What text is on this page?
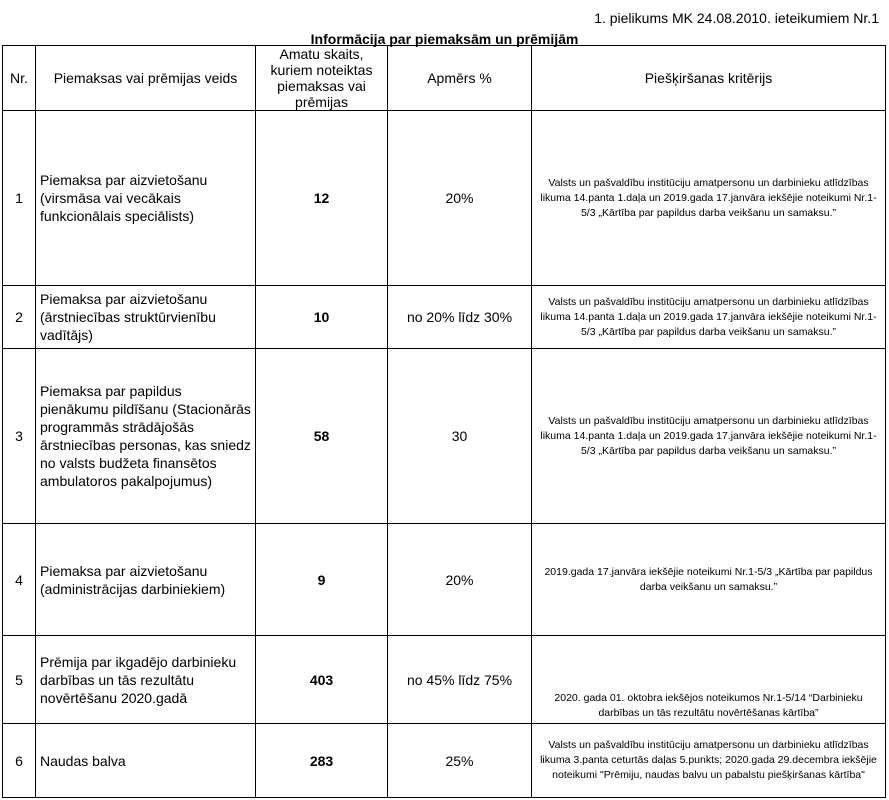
1. pielikums MK 24.08.2010. ieteikumiem Nr.1
Informācija par piemaksām un prēmijām
Nr.	Piemaksas vai prēmijas veids	Amatu skaits, kuriem noteiktas piemaksas vai prēmijas	Apmērs %	Piešķiršanas kritērijs
1	Piemaksa par aizvietošanu (virsmāsa vai vecākais funkcionālais speciālists)	12	20%	Valsts un pašvaldību institūciju amatpersonu un darbinieku atlīdzības likuma 14.panta 1.daļa un 2019.gada 17.janvāra iekšējie noteikumi Nr.1-5/3 „Kārtība par papildus darba veikšanu un samaksu.”
2	Piemaksa par aizvietošanu (ārstniecības struktūrvienību vadītājs)	10	no 20% līdz 30%	Valsts un pašvaldību institūciju amatpersonu un darbinieku atlīdzības likuma 14.panta 1.daļa un 2019.gada 17.janvāra iekšējie noteikumi Nr.1-5/3 „Kārtība par papildus darba veikšanu un samaksu.”
3	Piemaksa par papildus pienākumu pildīšanu (Stacionārās programmās strādājošās ārstniecības personas, kas sniedz no valsts budžeta finansētos ambulatoros pakalpojumus)	58	30	Valsts un pašvaldību institūciju amatpersonu un darbinieku atlīdzības likuma 14.panta 1.daļa un 2019.gada 17.janvāra iekšējie noteikumi Nr.1-5/3 „Kārtība par papildus darba veikšanu un samaksu.”
4	Piemaksa par aizvietošanu (administrācijas darbiniekiem)	9	20%	2019.gada 17.janvāra iekšējie noteikumi Nr.1-5/3 „Kārtība par papildus darba veikšanu un samaksu.”
5	Prēmija par ikgadējo darbinieku darbības un tās rezultātu novērtēšanu 2020.gadā	403	no 45% līdz 75%	2020. gada 01. oktobra iekšējos noteikumos Nr.1-5/14 “Darbinieku darbības un tās rezultātu novērtēšanas kārtība”
6	Naudas balva	283	25%	Valsts un pašvaldību institūciju amatpersonu un darbinieku atlīdzības likuma 3.panta ceturtās daļas 5.punkts; 2020.gada 29.decembra iekšējie noteikumi "Prēmiju, naudas balvu un pabalstu piešķiršanas kārtība"
